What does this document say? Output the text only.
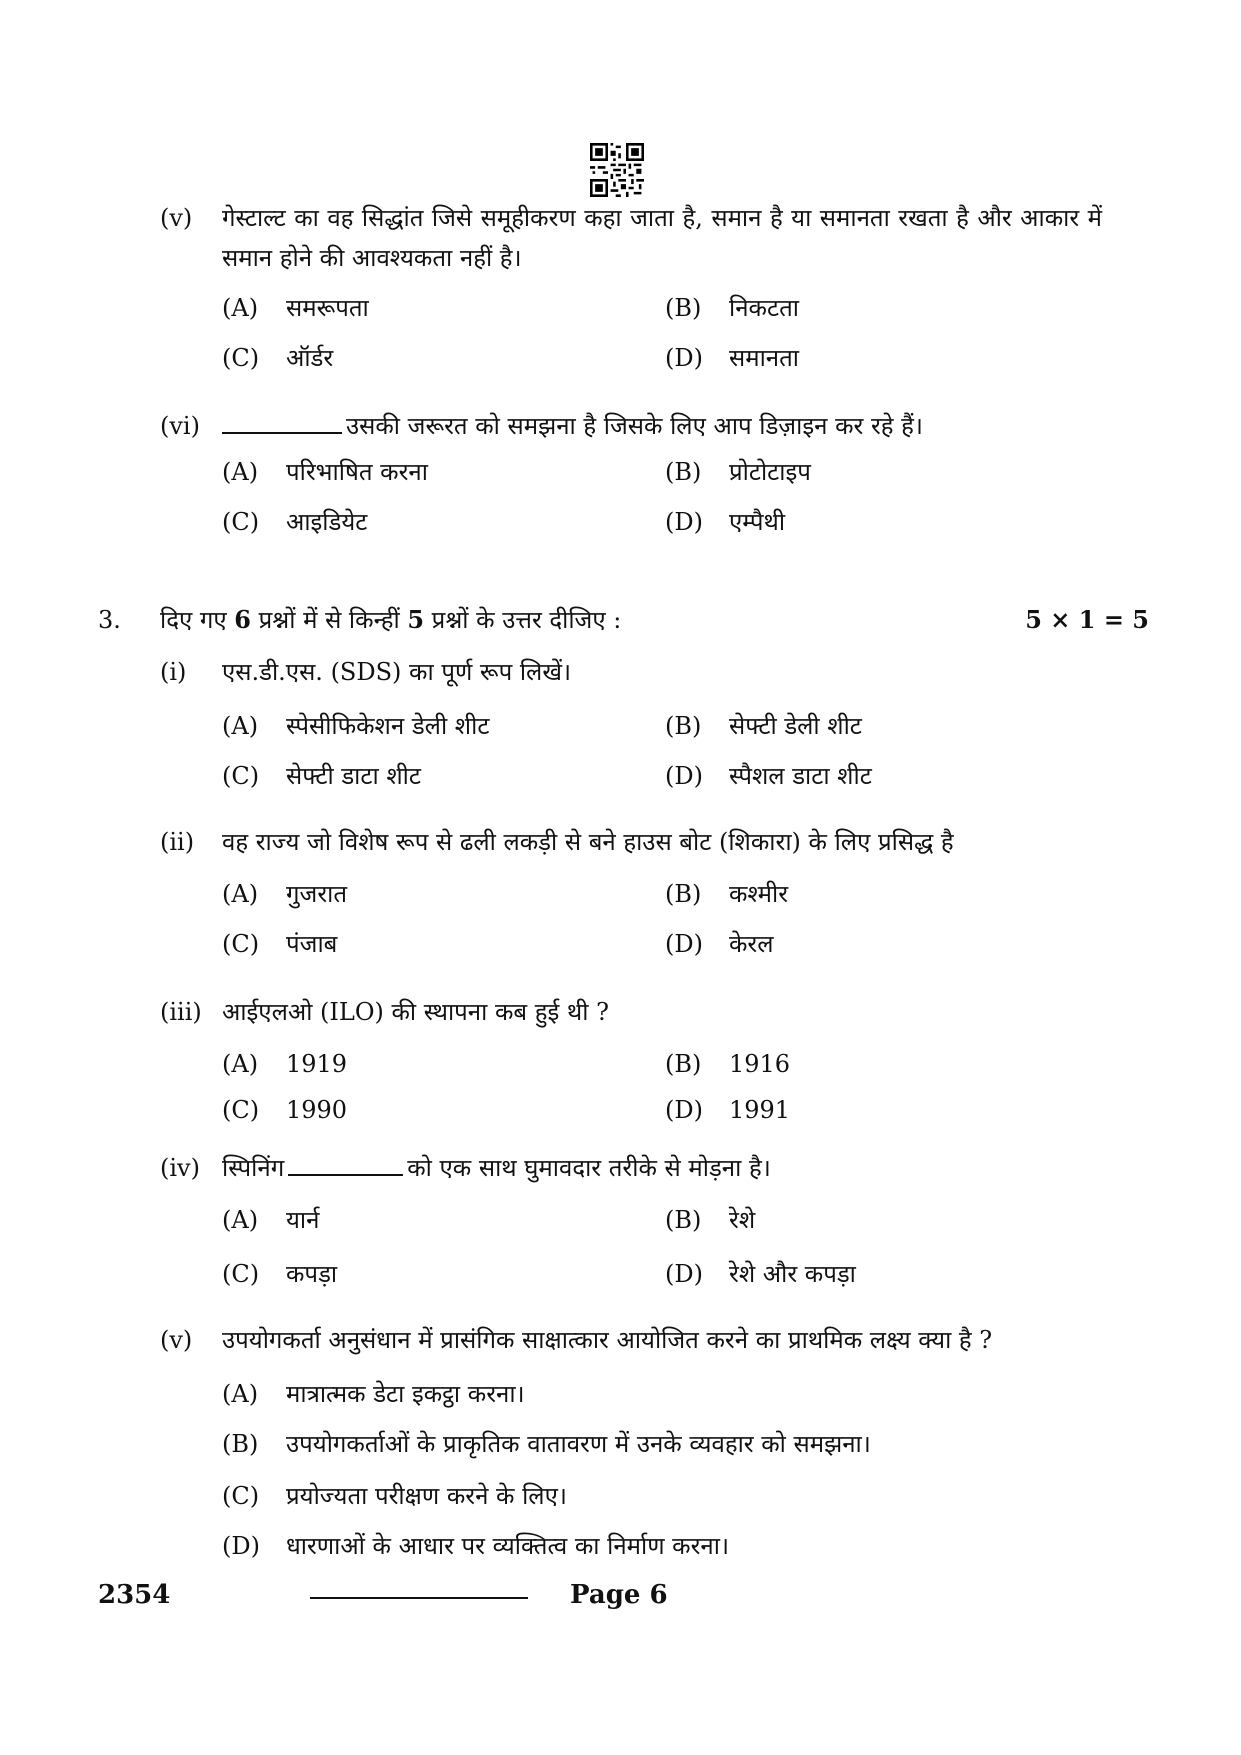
(v) गेस्टाल्ट का वह सिद्धांत जिसे समूहीकरण कहा जाता है, समान है या समानता रखता है और आकार में समान होने की आवश्यकता नहीं है।
(A) समरूपता	(B) निकटता
(C) ऑर्डर	(D) समानता
(vi)	उसकी जरूरत को समझना है जिसके लिए आप डिज़ाइन कर रहे हैं।
(A) परिभाषित करना	(B) प्रोटोटाइप
(C) आइडियेट	(D) एम्पैथी
3. दिए गए 6 प्रश्नों में से किन्हीं 5 प्रश्नों के उत्तर दीजिए :	5 × 1 = 5
(i) एस.डी.एस. (SDS) का पूर्ण रूप लिखें।
(A) स्पेसीफिकेशन डेली शीट	(B) सेफ्टी डेली शीट
(C) सेफ्टी डाटा शीट	(D) स्पैशल डाटा शीट
(ii) वह राज्य जो विशेष रूप से ढली लकड़ी से बने हाउस बोट (शिकारा) के लिए प्रसिद्ध है
(A) गुजरात	(B) कश्मीर
(C) पंजाब	(D) केरल
(iii) आईएलओ (ILO) की स्थापना कब हुई थी ?
(A) 1919	(B) 1916
(C) 1990	(D) 1991
(iv) स्पिनिंग	को एक साथ घुमावदार तरीके से मोड़ना है।
(A) यार्न	(B) रेशे
(C) कपड़ा	(D) रेशे और कपड़ा
(v) उपयोगकर्ता अनुसंधान में प्रासंगिक साक्षात्कार आयोजित करने का प्राथमिक लक्ष्य क्या है ?
(A) मात्रात्मक डेटा इकट्ठा करना।
(B) उपयोगकर्ताओं के प्राकृतिक वातावरण में उनके व्यवहार को समझना।
(C) प्रयोज्यता परीक्षण करने के लिए।
(D) धारणाओं के आधार पर व्यक्तित्व का निर्माण करना।
2354	Page 6
